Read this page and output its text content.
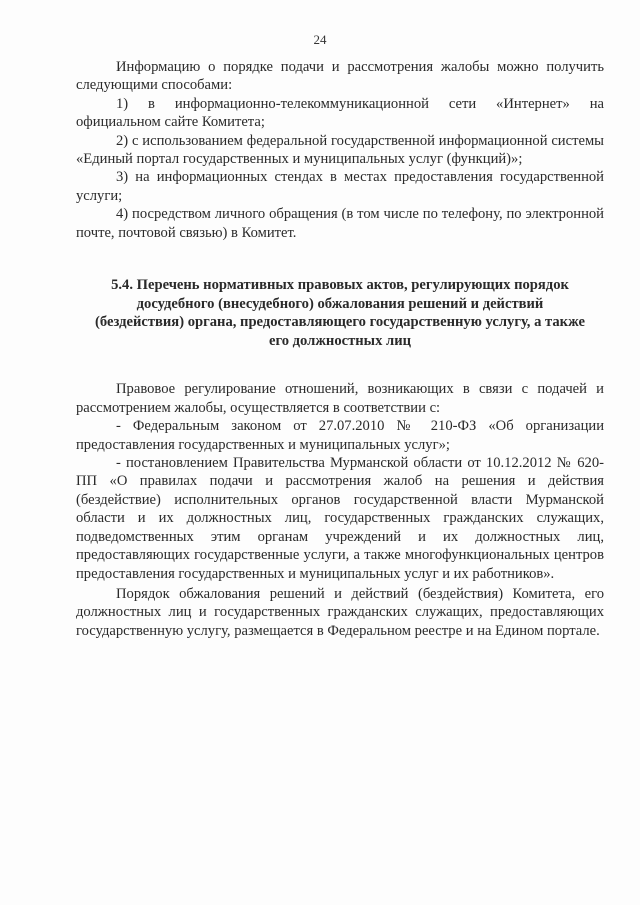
24

Информацию о порядке подачи и рассмотрения жалобы можно получить следующими способами:

1) в информационно-телекоммуникационной сети «Интернет» на официальном сайте Комитета;

2) с использованием федеральной государственной информационной системы «Единый портал государственных и муниципальных услуг (функций)»;

3) на информационных стендах в местах предоставления государственной услуги;

4) посредством личного обращения (в том числе по телефону, по электронной почте, почтовой связью) в Комитет.

5.4. Перечень нормативных правовых актов, регулирующих порядок
досудебного (внесудебного) обжалования решений и действий
(бездействия) органа, предоставляющего государственную услугу, а также
его должностных лиц

Правовое регулирование отношений, возникающих в связи с подачей и рассмотрением жалобы, осуществляется в соответствии с:

- Федеральным законом от 27.07.2010 № 210-ФЗ «Об организации предоставления государственных и муниципальных услуг»;

- постановлением Правительства Мурманской области от 10.12.2012 № 620-ПП «О правилах подачи и рассмотрения жалоб на решения и действия (бездействие) исполнительных органов государственной власти Мурманской области и их должностных лиц, государственных гражданских служащих, подведомственных этим органам учреждений и их должностных лиц, предоставляющих государственные услуги, а также многофункциональных центров предоставления государственных и муниципальных услуг и их работников».

Порядок обжалования решений и действий (бездействия) Комитета, его должностных лиц и государственных гражданских служащих, предоставляющих государственную услугу, размещается в Федеральном реестре и на Едином портале.
